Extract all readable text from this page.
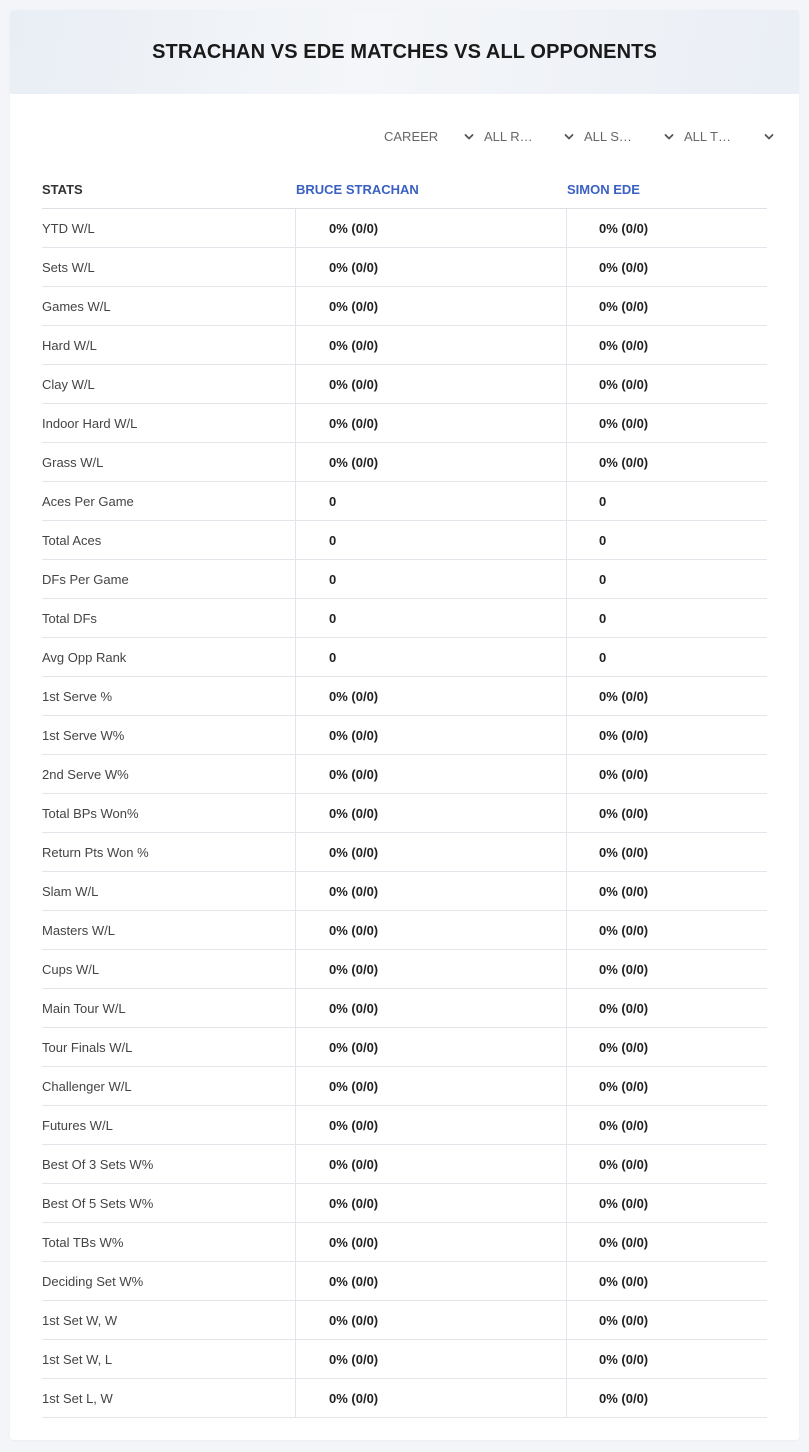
STRACHAN VS EDE MATCHES VS ALL OPPONENTS
CAREER	ALL R…	ALL S…	ALL T…
STATS	BRUCE STRACHAN	SIMON EDE
YTD W/L	0% (0/0)	0% (0/0)
Sets W/L	0% (0/0)	0% (0/0)
Games W/L	0% (0/0)	0% (0/0)
Hard W/L	0% (0/0)	0% (0/0)
Clay W/L	0% (0/0)	0% (0/0)
Indoor Hard W/L	0% (0/0)	0% (0/0)
Grass W/L	0% (0/0)	0% (0/0)
Aces Per Game	0	0
Total Aces	0	0
DFs Per Game	0	0
Total DFs	0	0
Avg Opp Rank	0	0
1st Serve %	0% (0/0)	0% (0/0)
1st Serve W%	0% (0/0)	0% (0/0)
2nd Serve W%	0% (0/0)	0% (0/0)
Total BPs Won%	0% (0/0)	0% (0/0)
Return Pts Won %	0% (0/0)	0% (0/0)
Slam W/L	0% (0/0)	0% (0/0)
Masters W/L	0% (0/0)	0% (0/0)
Cups W/L	0% (0/0)	0% (0/0)
Main Tour W/L	0% (0/0)	0% (0/0)
Tour Finals W/L	0% (0/0)	0% (0/0)
Challenger W/L	0% (0/0)	0% (0/0)
Futures W/L	0% (0/0)	0% (0/0)
Best Of 3 Sets W%	0% (0/0)	0% (0/0)
Best Of 5 Sets W%	0% (0/0)	0% (0/0)
Total TBs W%	0% (0/0)	0% (0/0)
Deciding Set W%	0% (0/0)	0% (0/0)
1st Set W, W	0% (0/0)	0% (0/0)
1st Set W, L	0% (0/0)	0% (0/0)
1st Set L, W	0% (0/0)	0% (0/0)
